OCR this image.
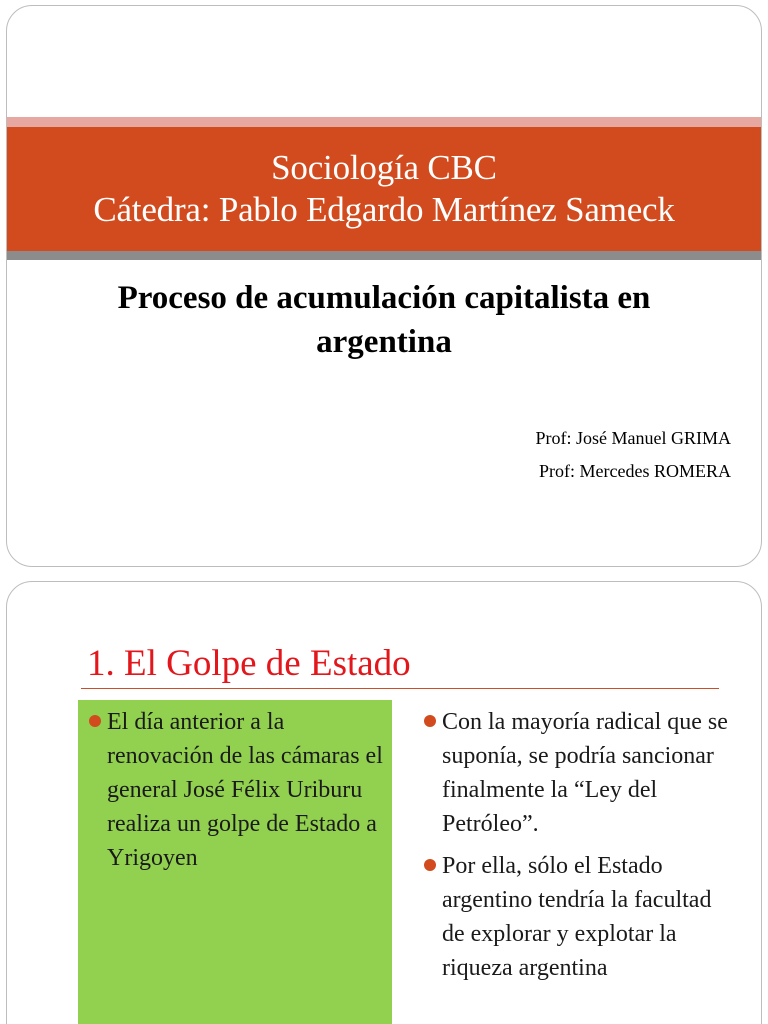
Sociología CBC
Cátedra: Pablo Edgardo Martínez Sameck
Proceso de acumulación capitalista en
argentina
Prof: José Manuel GRIMA
Prof: Mercedes ROMERA
1. El Golpe de Estado
El día anterior a la renovación de las cámaras el general José Félix Uriburu realiza un golpe de Estado a Yrigoyen
Con la mayoría radical que se suponía, se podría sancionar finalmente la “Ley del Petróleo”.
Por ella, sólo el Estado argentino tendría la facultad de explorar y explotar la riqueza argentina
